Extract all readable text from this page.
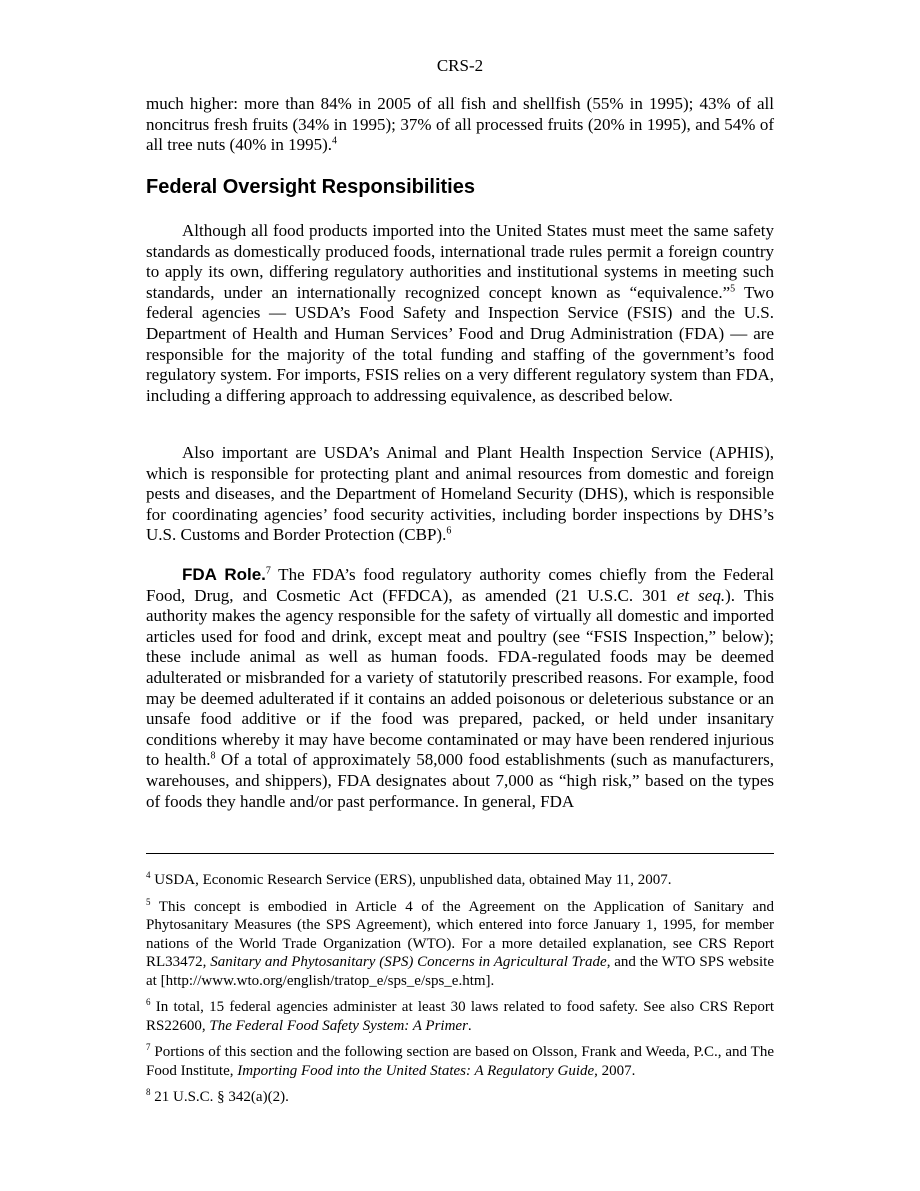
CRS-2

much higher: more than 84% in 2005 of all fish and shellfish (55% in 1995); 43% of all noncitrus fresh fruits (34% in 1995); 37% of all processed fruits (20% in 1995), and 54% of all tree nuts (40% in 1995).$^4$

Federal Oversight Responsibilities

Although all food products imported into the United States must meet the same safety standards as domestically produced foods, international trade rules permit a foreign country to apply its own, differing regulatory authorities and institutional systems in meeting such standards, under an internationally recognized concept known as “equivalence.”$^5$ Two federal agencies — USDA’s Food Safety and Inspection Service (FSIS) and the U.S. Department of Health and Human Services’ Food and Drug Administration (FDA) — are responsible for the majority of the total funding and staffing of the government’s food regulatory system. For imports, FSIS relies on a very different regulatory system than FDA, including a differing approach to addressing equivalence, as described below.

Also important are USDA’s Animal and Plant Health Inspection Service (APHIS), which is responsible for protecting plant and animal resources from domestic and foreign pests and diseases, and the Department of Homeland Security (DHS), which is responsible for coordinating agencies’ food security activities, including border inspections by DHS’s U.S. Customs and Border Protection (CBP).$^6$

FDA Role.$^7$ The FDA’s food regulatory authority comes chiefly from the Federal Food, Drug, and Cosmetic Act (FFDCA), as amended (21 U.S.C. 301 et seq.). This authority makes the agency responsible for the safety of virtually all domestic and imported articles used for food and drink, except meat and poultry (see “FSIS Inspection,” below); these include animal as well as human foods. FDA-regulated foods may be deemed adulterated or misbranded for a variety of statutorily prescribed reasons. For example, food may be deemed adulterated if it contains an added poisonous or deleterious substance or an unsafe food additive or if the food was prepared, packed, or held under insanitary conditions whereby it may have become contaminated or may have been rendered injurious to health.$^8$ Of a total of approximately 58,000 food establishments (such as manufacturers, warehouses, and shippers), FDA designates about 7,000 as “high risk,” based on the types of foods they handle and/or past performance. In general, FDA

$^4$ USDA, Economic Research Service (ERS), unpublished data, obtained May 11, 2007.

$^5$ This concept is embodied in Article 4 of the Agreement on the Application of Sanitary and Phytosanitary Measures (the SPS Agreement), which entered into force January 1, 1995, for member nations of the World Trade Organization (WTO). For a more detailed explanation, see CRS Report RL33472, Sanitary and Phytosanitary (SPS) Concerns in Agricultural Trade, and the WTO SPS website at [http://www.wto.org/english/tratop_e/sps_e/sps_e.htm].

$^6$ In total, 15 federal agencies administer at least 30 laws related to food safety. See also CRS Report RS22600, The Federal Food Safety System: A Primer.

$^7$ Portions of this section and the following section are based on Olsson, Frank and Weeda, P.C., and The Food Institute, Importing Food into the United States: A Regulatory Guide, 2007.

$^8$ 21 U.S.C. § 342(a)(2).
